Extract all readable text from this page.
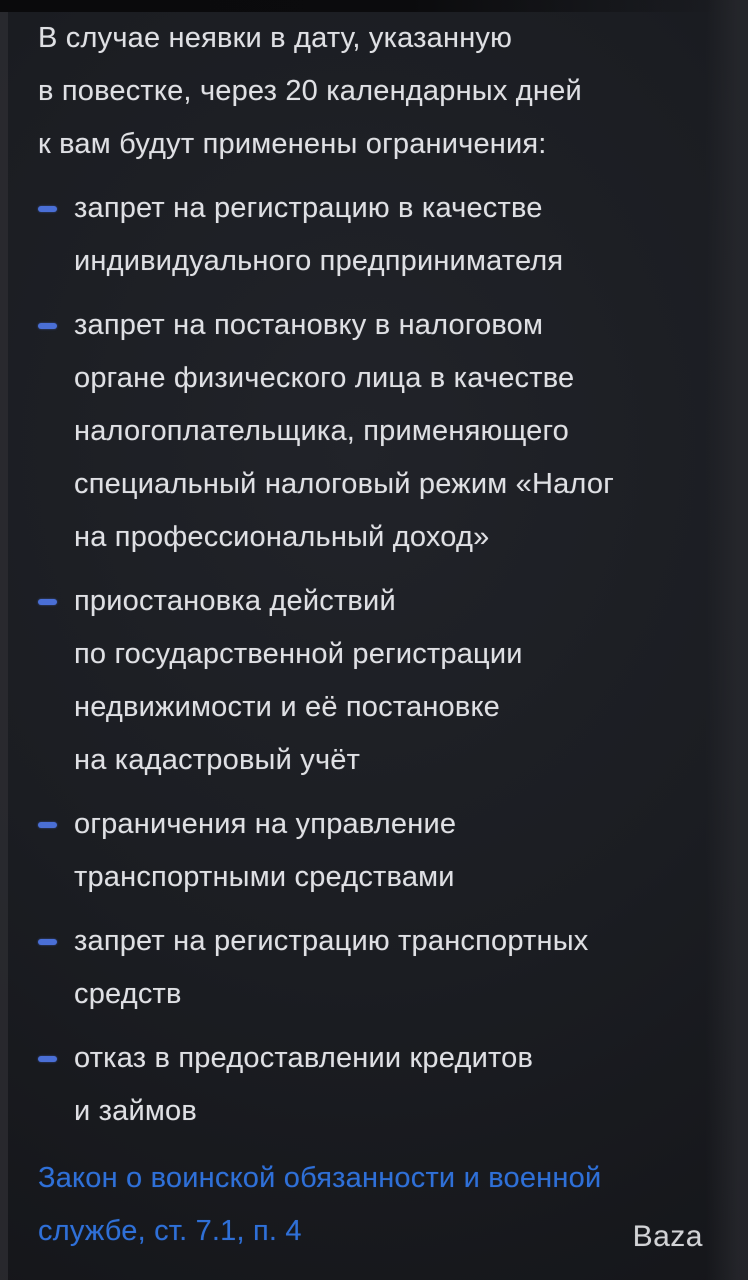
В случае неявки в дату, указанную
в повестке, через 20 календарных дней
к вам будут применены ограничения:

запрет на регистрацию в качестве
индивидуального предпринимателя
запрет на постановку в налоговом
органе физического лица в качестве
налогоплательщика, применяющего
специальный налоговый режим «Налог
на профессиональный доход»
приостановка действий
по государственной регистрации
недвижимости и её постановке
на кадастровый учёт
ограничения на управление
транспортными средствами
запрет на регистрацию транспортных
средств
отказ в предоставлении кредитов
и займов

Закон о воинской обязанности и военной
службе, ст. 7.1, п. 4	Baza
